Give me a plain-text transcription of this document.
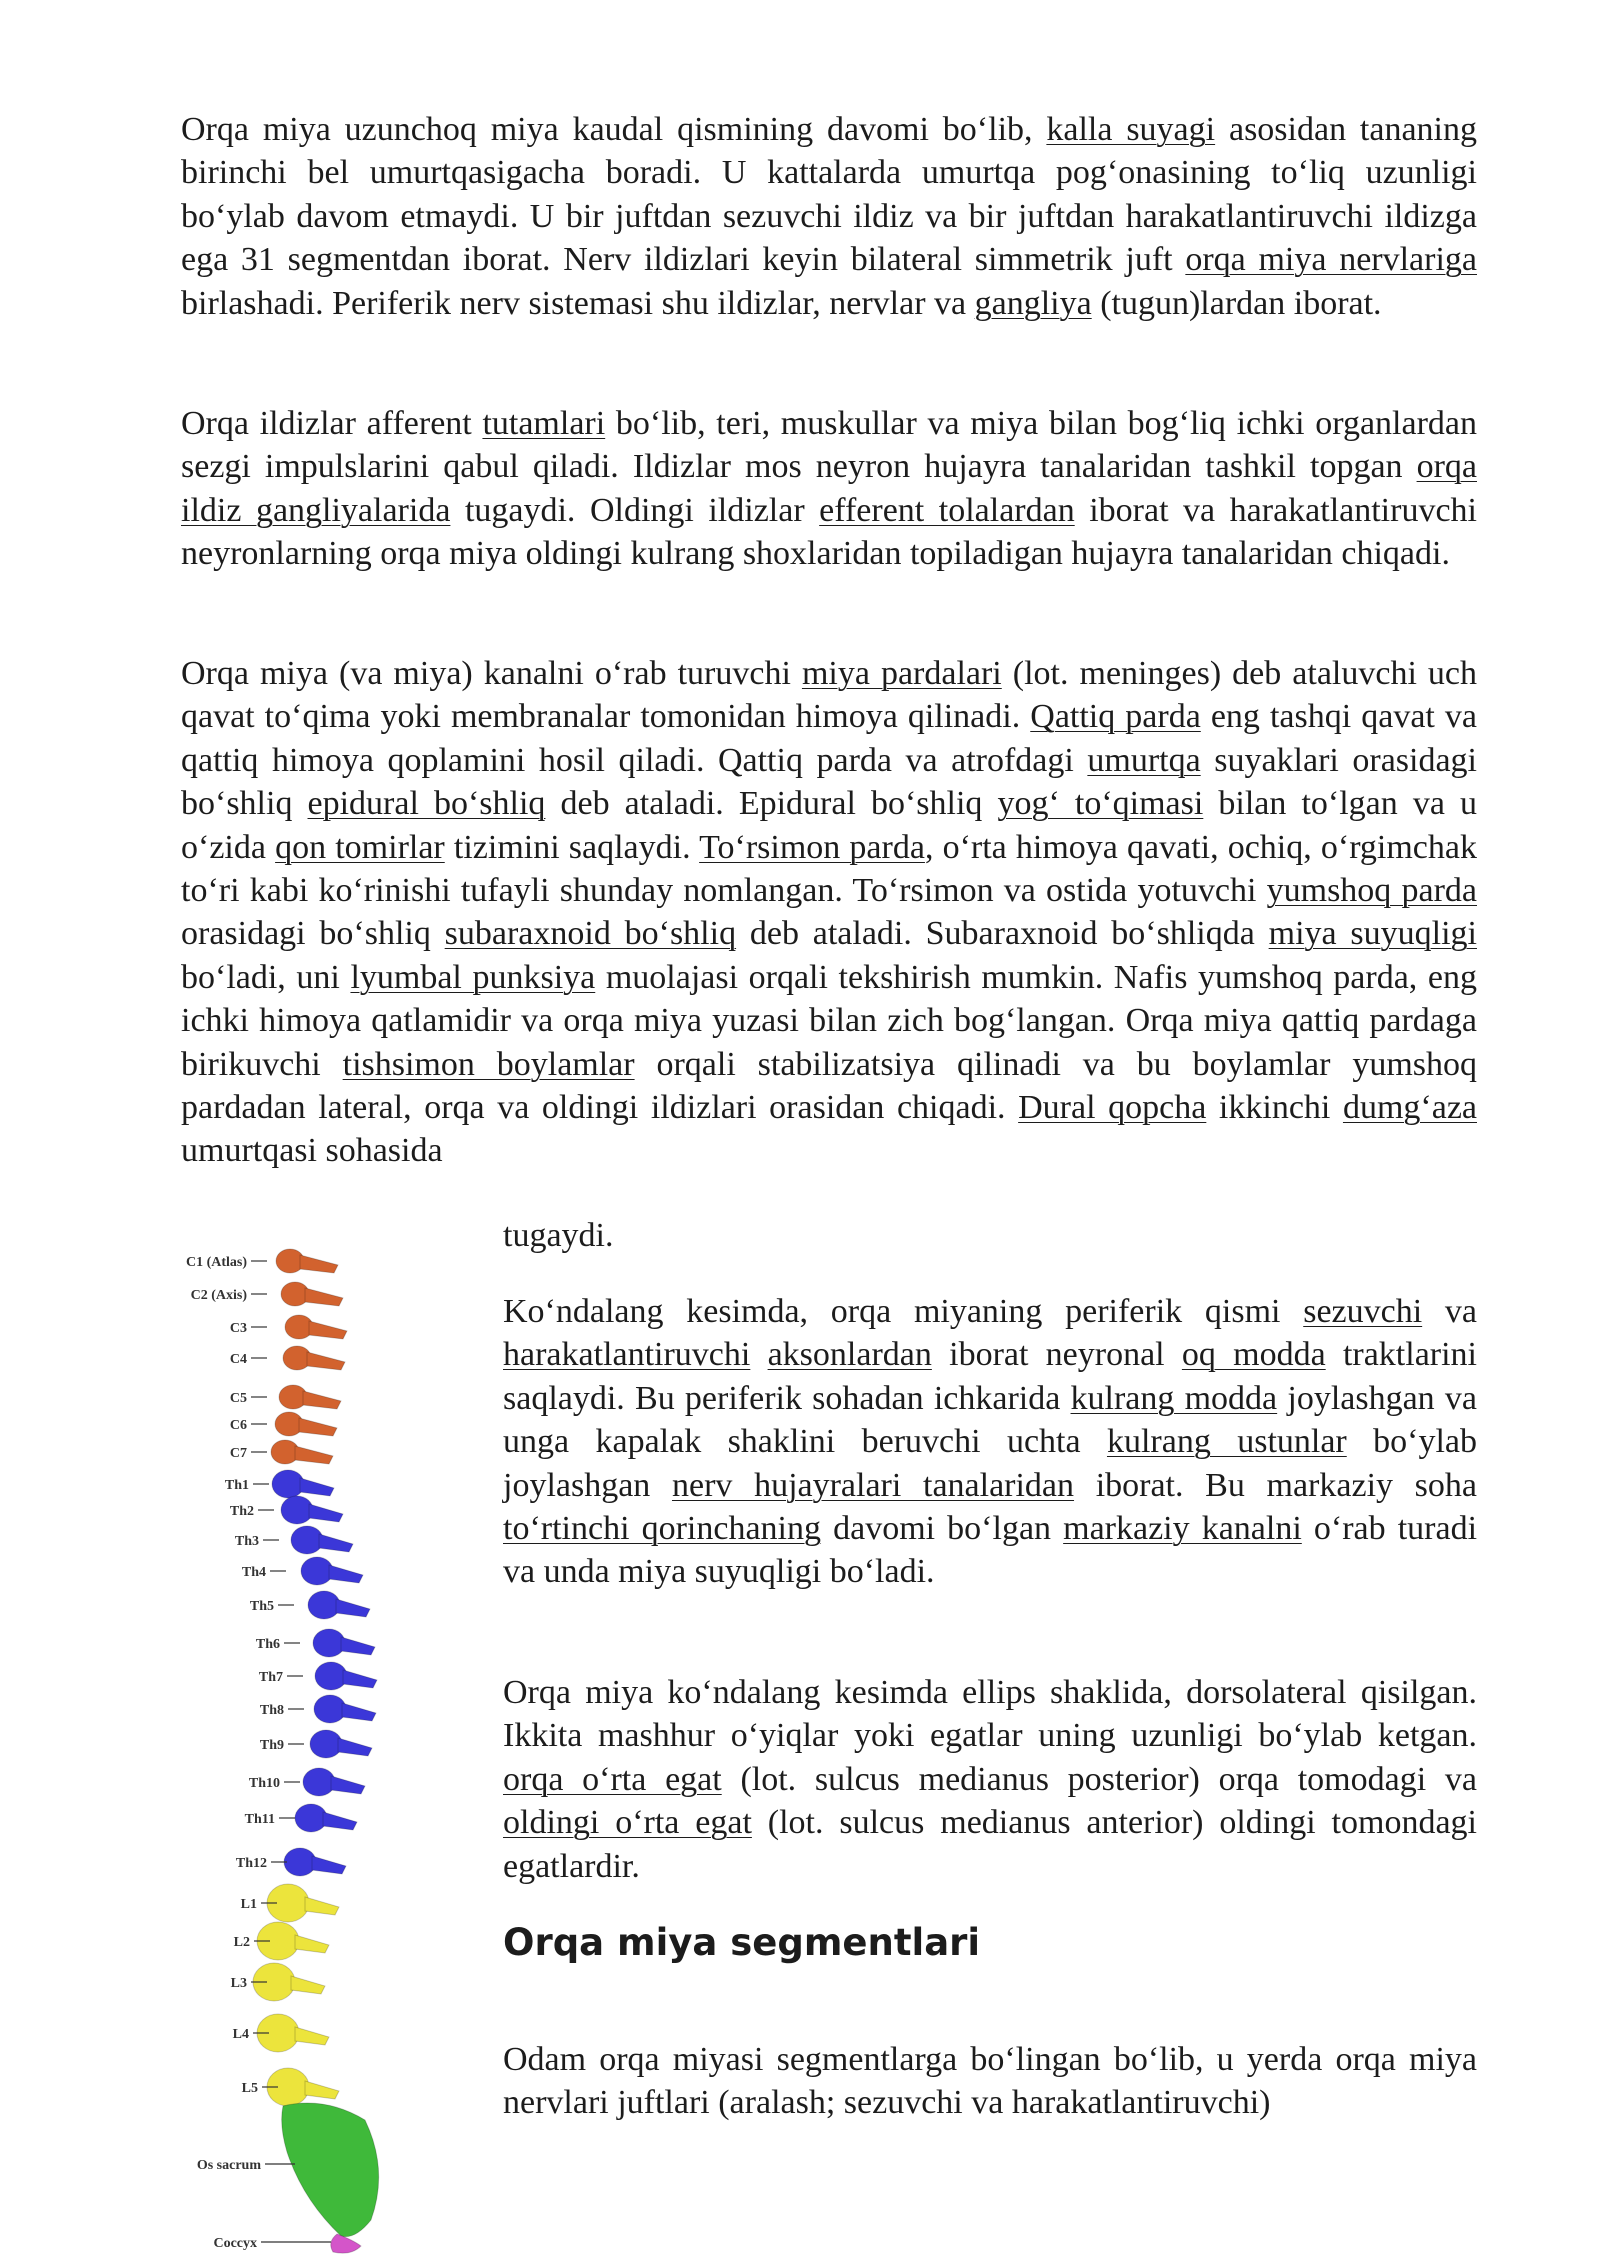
Orqa miya uzunchoq miya kaudal qismining davomi bo‘lib, kalla suyagi asosidan tananing birinchi bel umurtqasigacha boradi. U kattalarda umurtqa pog‘onasining to‘liq uzunligi bo‘ylab davom etmaydi. U bir juftdan sezuvchi ildiz va bir juftdan harakatlantiruvchi ildizga ega 31 segmentdan iborat. Nerv ildizlari keyin bilateral simmetrik juft orqa miya nervlariga birlashadi. Periferik nerv sistemasi shu ildizlar, nervlar va gangliya (tugun)lardan iborat.

Orqa ildizlar afferent tutamlari bo‘lib, teri, muskullar va miya bilan bog‘liq ichki organlardan sezgi impulslarini qabul qiladi. Ildizlar mos neyron hujayra tanalaridan tashkil topgan orqa ildiz gangliyalarida tugaydi. Oldingi ildizlar efferent tolalardan iborat va harakatlantiruvchi neyronlarning orqa miya oldingi kulrang shoxlaridan topiladigan hujayra tanalaridan chiqadi.

Orqa miya (va miya) kanalni o‘rab turuvchi miya pardalari (lot. meninges) deb ataluvchi uch qavat to‘qima yoki membranalar tomonidan himoya qilinadi. Qattiq parda eng tashqi qavat va qattiq himoya qoplamini hosil qiladi. Qattiq parda va atrofdagi umurtqa suyaklari orasidagi bo‘shliq epidural bo‘shliq deb ataladi. Epidural bo‘shliq yog‘ to‘qimasi bilan to‘lgan va u o‘zida qon tomirlar tizimini saqlaydi. To‘rsimon parda, o‘rta himoya qavati, ochiq, o‘rgimchak to‘ri kabi ko‘rinishi tufayli shunday nomlangan. To‘rsimon va ostida yotuvchi yumshoq parda orasidagi bo‘shliq subaraxnoid bo‘shliq deb ataladi. Subaraxnoid bo‘shliqda miya suyuqligi bo‘ladi, uni lyumbal punksiya muolajasi orqali tekshirish mumkin. Nafis yumshoq parda, eng ichki himoya qatlamidir va orqa miya yuzasi bilan zich bog‘langan. Orqa miya qattiq pardaga birikuvchi tishsimon boylamlar orqali stabilizatsiya qilinadi va bu boylamlar yumshoq pardadan lateral, orqa va oldingi ildizlari orasidan chiqadi. Dural qopcha ikkinchi dumg‘aza umurtqasi sohasida

tugaydi.

Ko‘ndalang kesimda, orqa miyaning periferik qismi sezuvchi va harakatlantiruvchi aksonlardan iborat neyronal oq modda traktlarini saqlaydi. Bu periferik sohadan ichkarida kulrang modda joylashgan va unga kapalak shaklini beruvchi uchta kulrang ustunlar bo‘ylab joylashgan nerv hujayralari tanalaridan iborat. Bu markaziy soha to‘rtinchi qorinchaning davomi bo‘lgan markaziy kanalni o‘rab turadi va unda miya suyuqligi bo‘ladi.

Orqa miya ko‘ndalang kesimda ellips shaklida, dorsolateral qisilgan. Ikkita mashhur o‘yiqlar yoki egatlar uning uzunligi bo‘ylab ketgan. orqa o‘rta egat (lot. sulcus medianus posterior) orqa tomodagi va oldingi o‘rta egat (lot. sulcus medianus anterior) oldingi tomondagi egatlardir.

Orqa miya segmentlari

Odam orqa miyasi segmentlarga bo‘lingan bo‘lib, u yerda orqa miya nervlari juftlari (aralash; sezuvchi va harakatlantiruvchi)

C1 (Atlas)
C2 (Axis)
C3
C4
C5
C6
C7
Th1
Th2
Th3
Th4
Th5
Th6
Th7
Th8
Th9
Th10
Th11
Th12
L1
L2
L3
L4
L5
Os sacrum
Coccyx
